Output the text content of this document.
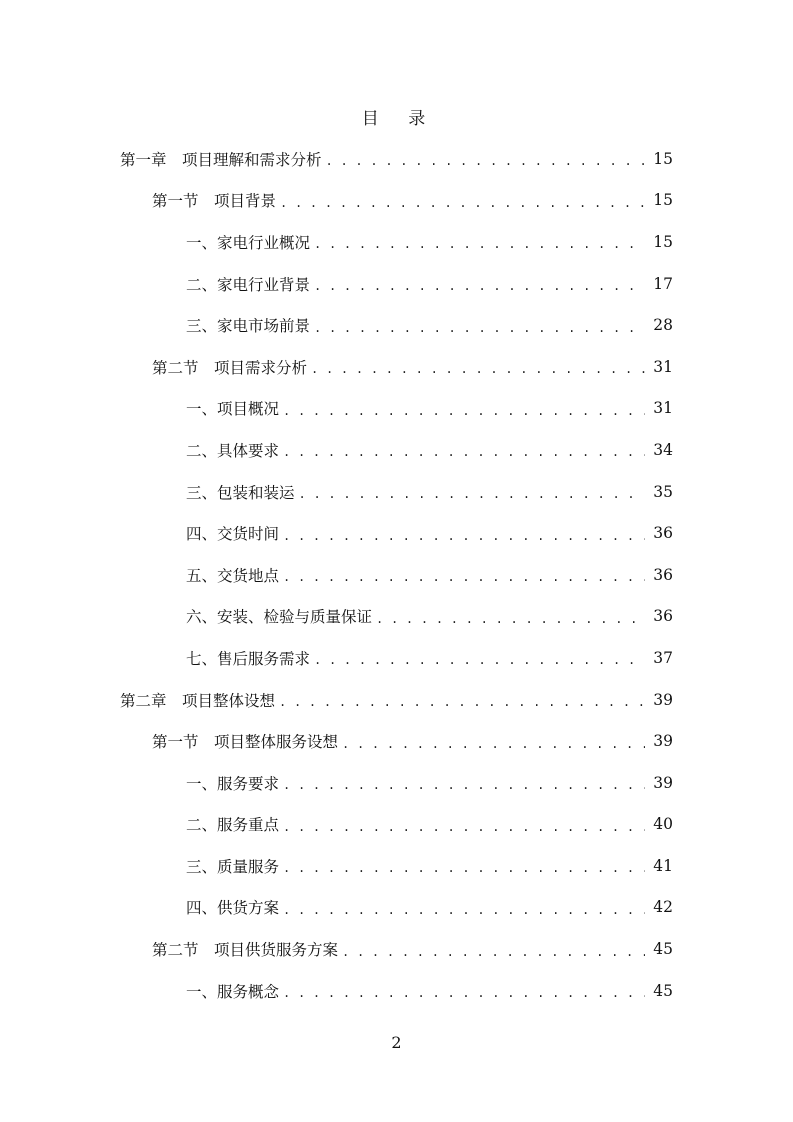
目 录
第一章　项目理解和需求分析 . . .	15
第一节　项目背景 . . .	15
一、家电行业概况 . . .	15
二、家电行业背景 . . .	17
三、家电市场前景 . . .	28
第二节　项目需求分析 . . .	31
一、项目概况 . . .	31
二、具体要求 . . .	34
三、包装和装运 . . .	35
四、交货时间 . . .	36
五、交货地点 . . .	36
六、安装、检验与质量保证 . . .	36
七、售后服务需求 . . .	37
第二章　项目整体设想 . . .	39
第一节　项目整体服务设想 . . .	39
一、服务要求 . . .	39
二、服务重点 . . .	40
三、质量服务 . . .	41
四、供货方案 . . .	42
第二节　项目供货服务方案 . . .	45
一、服务概念 . . .	45
2
